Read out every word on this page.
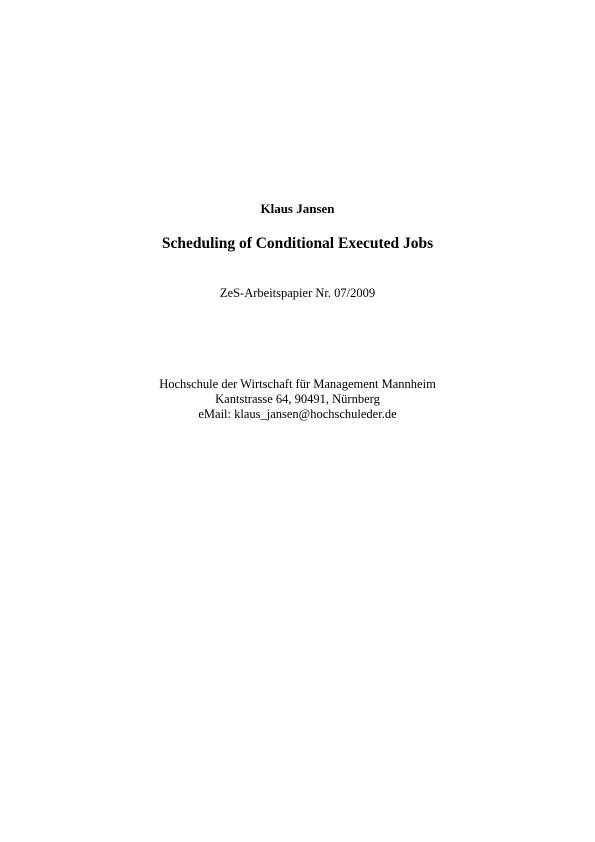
Klaus Jansen
Scheduling of Conditional Executed Jobs
ZeS-Arbeitspapier Nr. 07/2009
Hochschule der Wirtschaft für Management Mannheim
Kantstrasse 64, 90491, Nürnberg
eMail: klaus_jansen@hochschuleder.de
